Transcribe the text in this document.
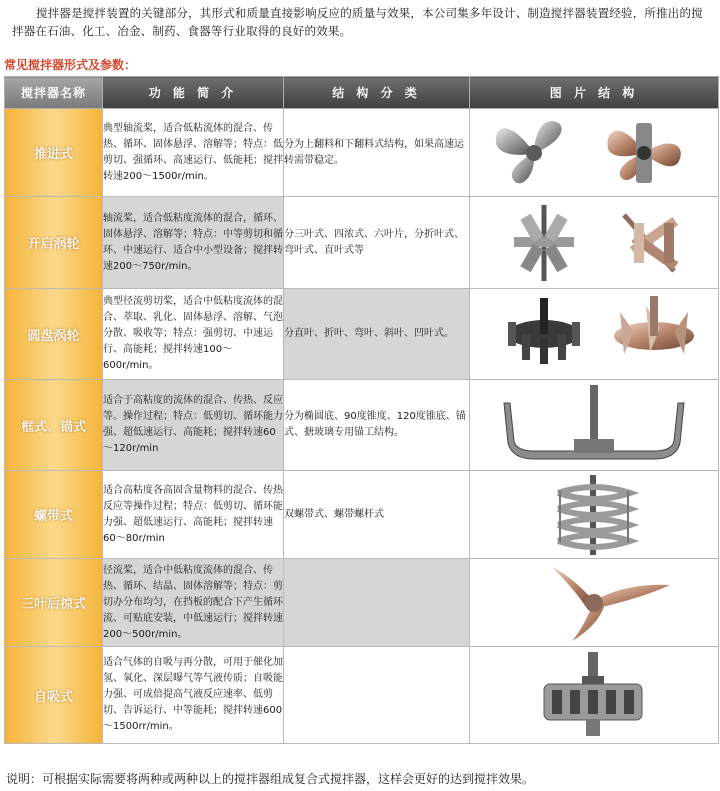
搅拌器是搅拌装置的关键部分，其形式和质量直接影响反应的质量与效果，本公司集多年设计、制造搅拌器装置经验，所推出的搅拌器在石油、化工、冶金、制药、食器等行业取得的良好的效果。
常见搅拌器形式及参数：
搅拌器名称	功 能 简 介	结 构 分 类	图 片 结 构
推进式	典型轴流桨，适合低粘流体的混合、传热、循环、固体悬浮、溶解等；特点：低剪切、强循环、高速运行、低能耗；搅拌转速200～1500r/min。	分为上翻料和下翻料式结构，如果高速运转需带稳定。	

开启涡轮	轴流桨，适合低粘度流体的混合，循环、固体悬浮、溶解等；特点：中等剪切和循环、中速运行、适合中小型设备；搅拌转速200～750r/min。	分三叶式、四浓式、六叶片，分折叶式、弯叶式、直叶式等	

圆盘涡轮	典型径流剪切桨，适合中低粘度流体的混合、萃取、乳化、固体悬浮、溶解、气泡分散、吸收等；特点：强剪切、中速运行、高能耗；搅拌转速100～600r/min。	分直叶、折叶、弯叶、斜叶、凹叶式。	

框式、锚式	适合于高粘度的流体的混合、传热、反应等。操作过程；特点：低剪切、循环能力强、超低速运行、高能耗；搅拌转速60～120r/min	分为椭圆底、90度锥度、120度锥底、锚式、搪玻璃专用锚工结构。	

螺带式	适合高粘度各高固含量物料的混合、传热反应等操作过程；特点：低剪切、循环能力强、超低速运行、高能耗；搅拌转速60～80r/min	双螺带式、螺带螺杆式	

三叶后掠式	径流桨，适合中低粘度流体的混合、传热、循环、结晶、固体溶解等；特点：剪切办分布均匀，在挡板的配合下产生循环流、可贴底安装，中低速运行；搅拌转速200～500r/min。		

自吸式	适合气体的自吸与再分散，可用于催化加氢、氧化、深层曝气等气液传质；自吸能力强、可成倍提高气液反应速率、低剪切、告诉运行、中等能耗；搅拌转速600～1500rr/min。		
说明：可根据实际需要将两种或两种以上的搅拌器组成复合式搅拌器，这样会更好的达到搅拌效果。
